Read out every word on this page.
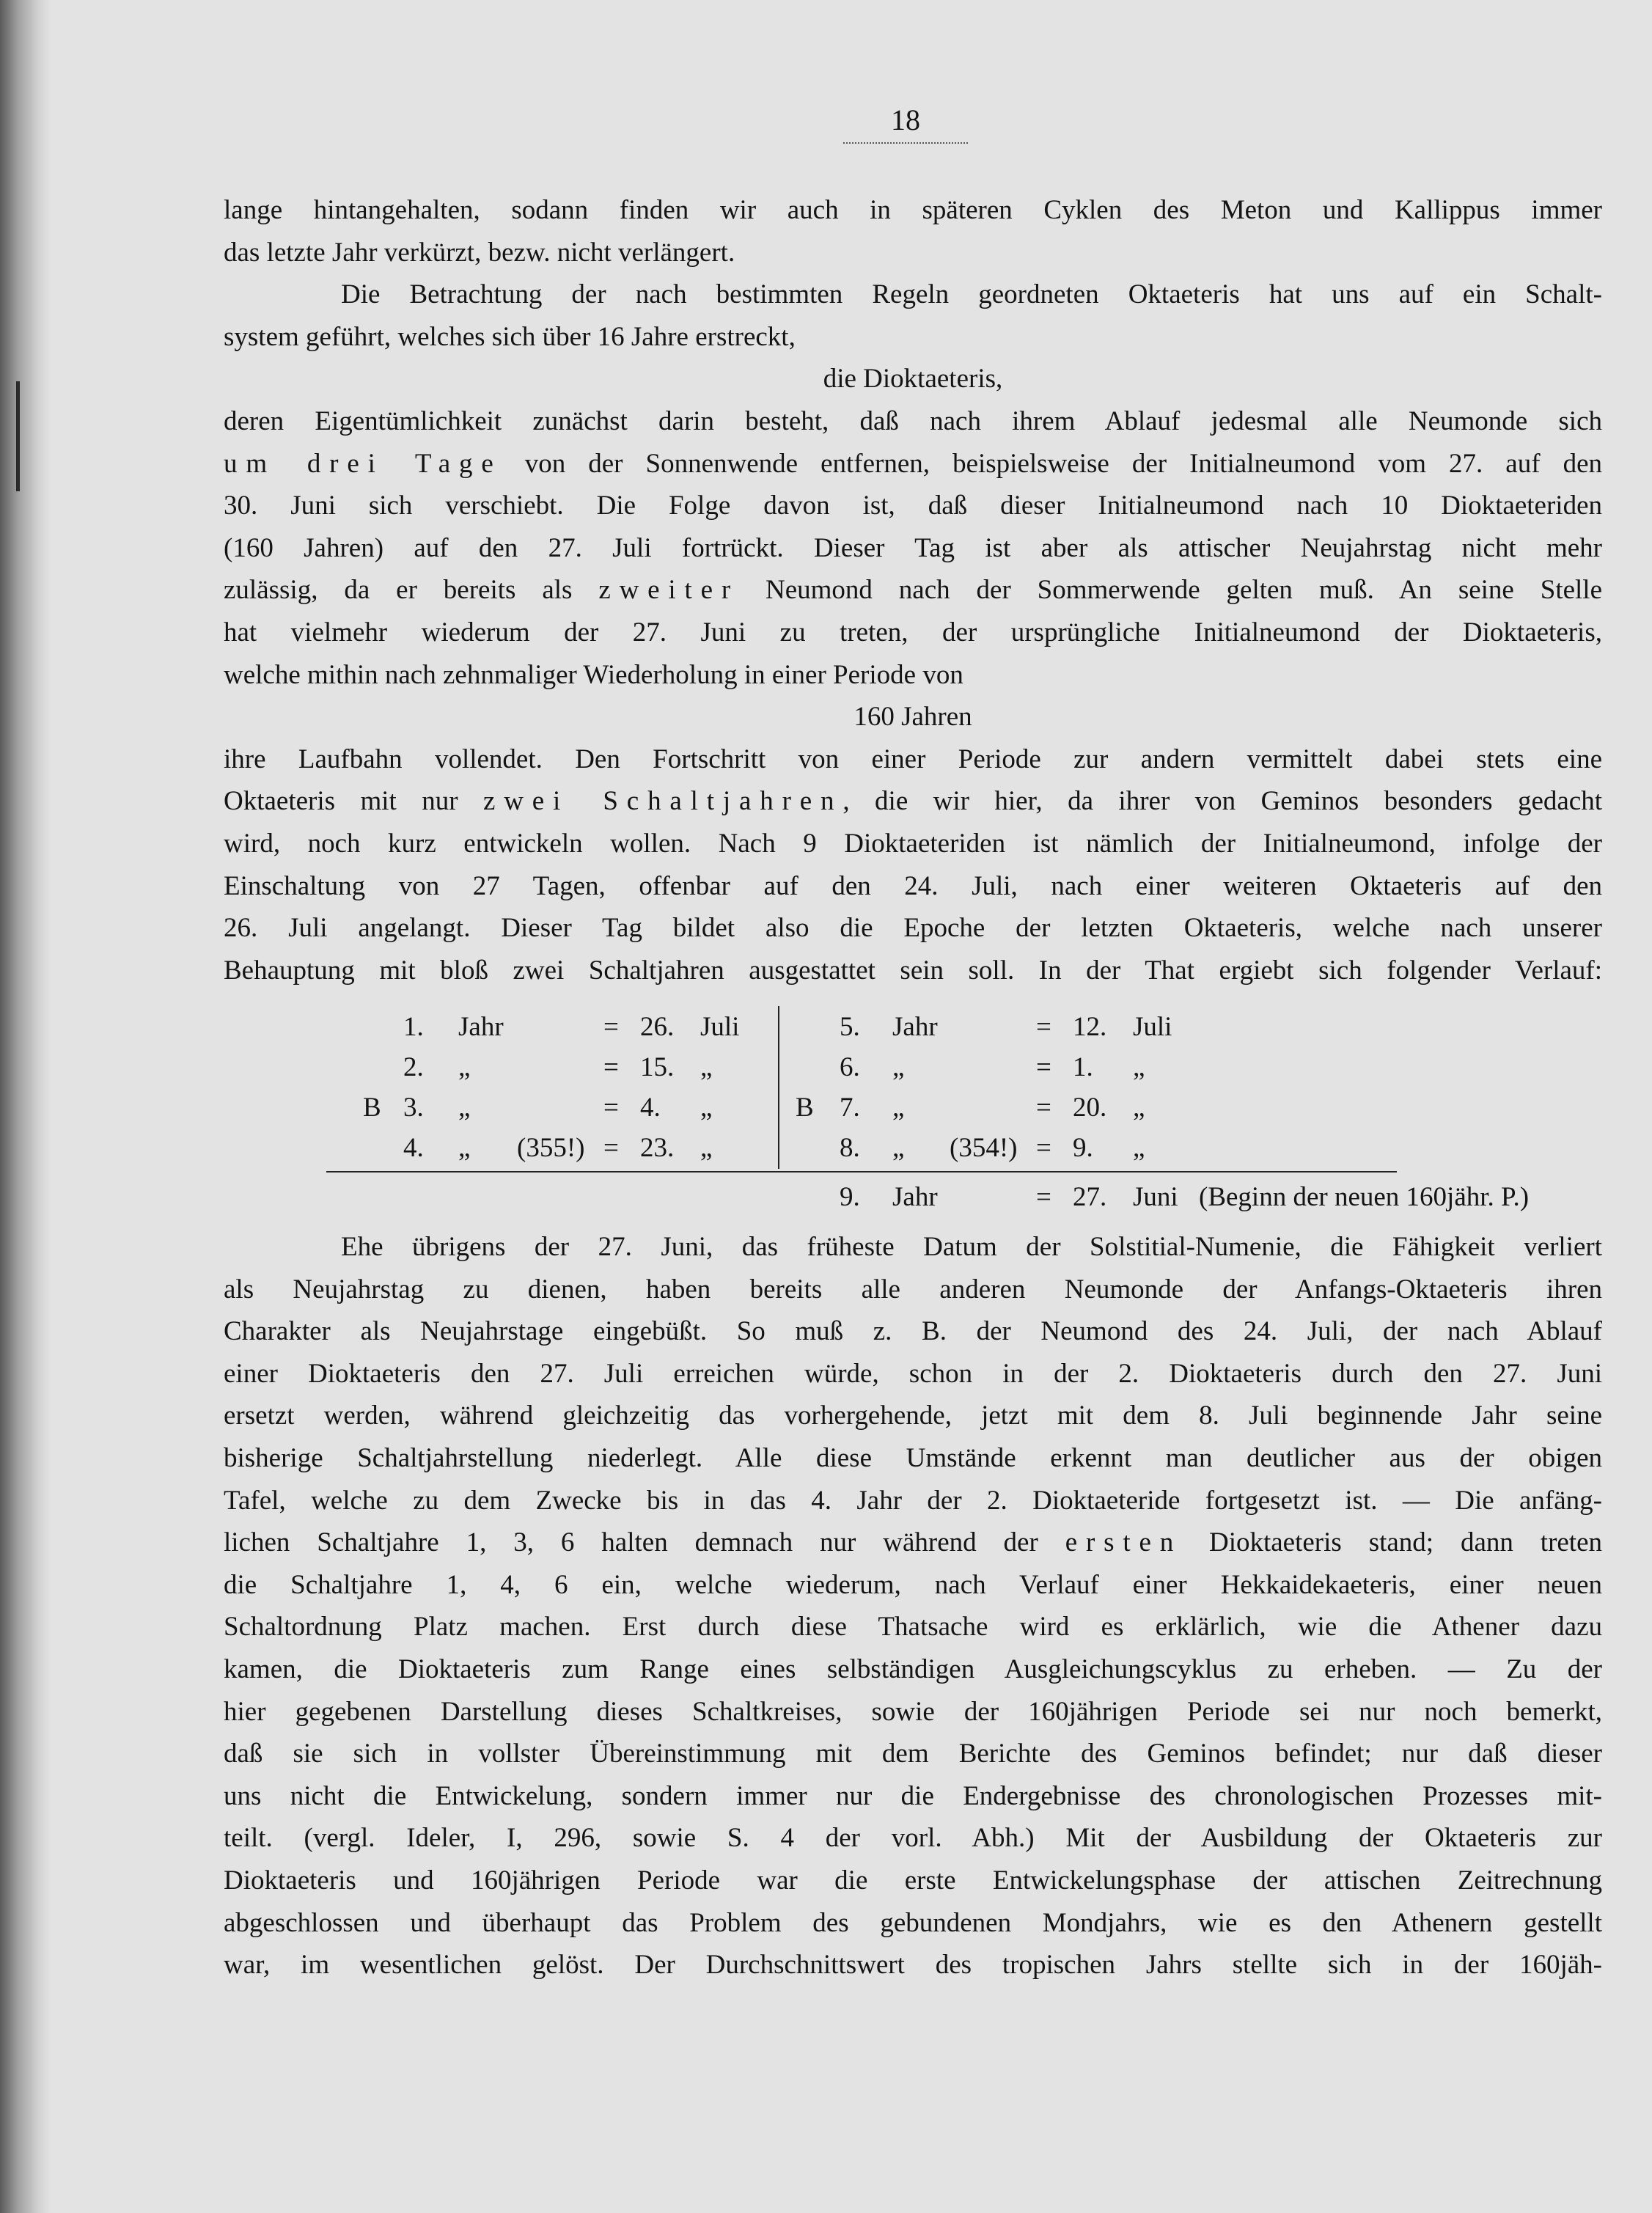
18
lange hintangehalten, sodann finden wir auch in späteren Cyklen des Meton und Kallippus immer
das letzte Jahr verkürzt, bezw. nicht verlängert.
Die Betrachtung der nach bestimmten Regeln geordneten Oktaeteris hat uns auf ein Schalt-
system geführt, welches sich über 16 Jahre erstreckt,
die Dioktaeteris,
deren Eigentümlichkeit zunächst darin besteht, daß nach ihrem Ablauf jedesmal alle Neumonde sich
um drei Tage von der Sonnenwende entfernen, beispielsweise der Initialneumond vom 27. auf den
30. Juni sich verschiebt. Die Folge davon ist, daß dieser Initialneumond nach 10 Dioktaeteriden
(160 Jahren) auf den 27. Juli fortrückt. Dieser Tag ist aber als attischer Neujahrstag nicht mehr
zulässig, da er bereits als zweiter Neumond nach der Sommerwende gelten muß. An seine Stelle
hat vielmehr wiederum der 27. Juni zu treten, der ursprüngliche Initialneumond der Dioktaeteris,
welche mithin nach zehnmaliger Wiederholung in einer Periode von
160 Jahren
ihre Laufbahn vollendet. Den Fortschritt von einer Periode zur andern vermittelt dabei stets eine
Oktaeteris mit nur zwei Schaltjahren, die wir hier, da ihrer von Geminos besonders gedacht
wird, noch kurz entwickeln wollen. Nach 9 Dioktaeteriden ist nämlich der Initialneumond, infolge der
Einschaltung von 27 Tagen, offenbar auf den 24. Juli, nach einer weiteren Oktaeteris auf den
26. Juli angelangt. Dieser Tag bildet also die Epoche der letzten Oktaeteris, welche nach unserer
Behauptung mit bloß zwei Schaltjahren ausgestattet sein soll. In der That ergiebt sich folgender Verlauf:
1. Jahr	= 26. Juli
2. „	= 15. „
B 3. „	= 4. „
4. „ (355!) = 23. „
5. Jahr	= 12. Juli
6. „	= 1. „
B 7. „	= 20. „
8. „ (354!) = 9. „
9. Jahr	= 27. Juni (Beginn der neuen 160jähr. P.)
Ehe übrigens der 27. Juni, das früheste Datum der Solstitial-Numenie, die Fähigkeit verliert
als Neujahrstag zu dienen, haben bereits alle anderen Neumonde der Anfangs-Oktaeteris ihren
Charakter als Neujahrstage eingebüßt. So muß z. B. der Neumond des 24. Juli, der nach Ablauf
einer Dioktaeteris den 27. Juli erreichen würde, schon in der 2. Dioktaeteris durch den 27. Juni
ersetzt werden, während gleichzeitig das vorhergehende, jetzt mit dem 8. Juli beginnende Jahr seine
bisherige Schaltjahrstellung niederlegt. Alle diese Umstände erkennt man deutlicher aus der obigen
Tafel, welche zu dem Zwecke bis in das 4. Jahr der 2. Dioktaeteride fortgesetzt ist. — Die anfäng-
lichen Schaltjahre 1, 3, 6 halten demnach nur während der ersten Dioktaeteris stand; dann treten
die Schaltjahre 1, 4, 6 ein, welche wiederum, nach Verlauf einer Hekkaidekaeteris, einer neuen
Schaltordnung Platz machen. Erst durch diese Thatsache wird es erklärlich, wie die Athener dazu
kamen, die Dioktaeteris zum Range eines selbständigen Ausgleichungscyklus zu erheben. — Zu der
hier gegebenen Darstellung dieses Schaltkreises, sowie der 160jährigen Periode sei nur noch bemerkt,
daß sie sich in vollster Übereinstimmung mit dem Berichte des Geminos befindet; nur daß dieser
uns nicht die Entwickelung, sondern immer nur die Endergebnisse des chronologischen Prozesses mit-
teilt. (vergl. Ideler, I, 296, sowie S. 4 der vorl. Abh.) Mit der Ausbildung der Oktaeteris zur
Dioktaeteris und 160jährigen Periode war die erste Entwickelungsphase der attischen Zeitrechnung
abgeschlossen und überhaupt das Problem des gebundenen Mondjahrs, wie es den Athenern gestellt
war, im wesentlichen gelöst. Der Durchschnittswert des tropischen Jahrs stellte sich in der 160jäh-
